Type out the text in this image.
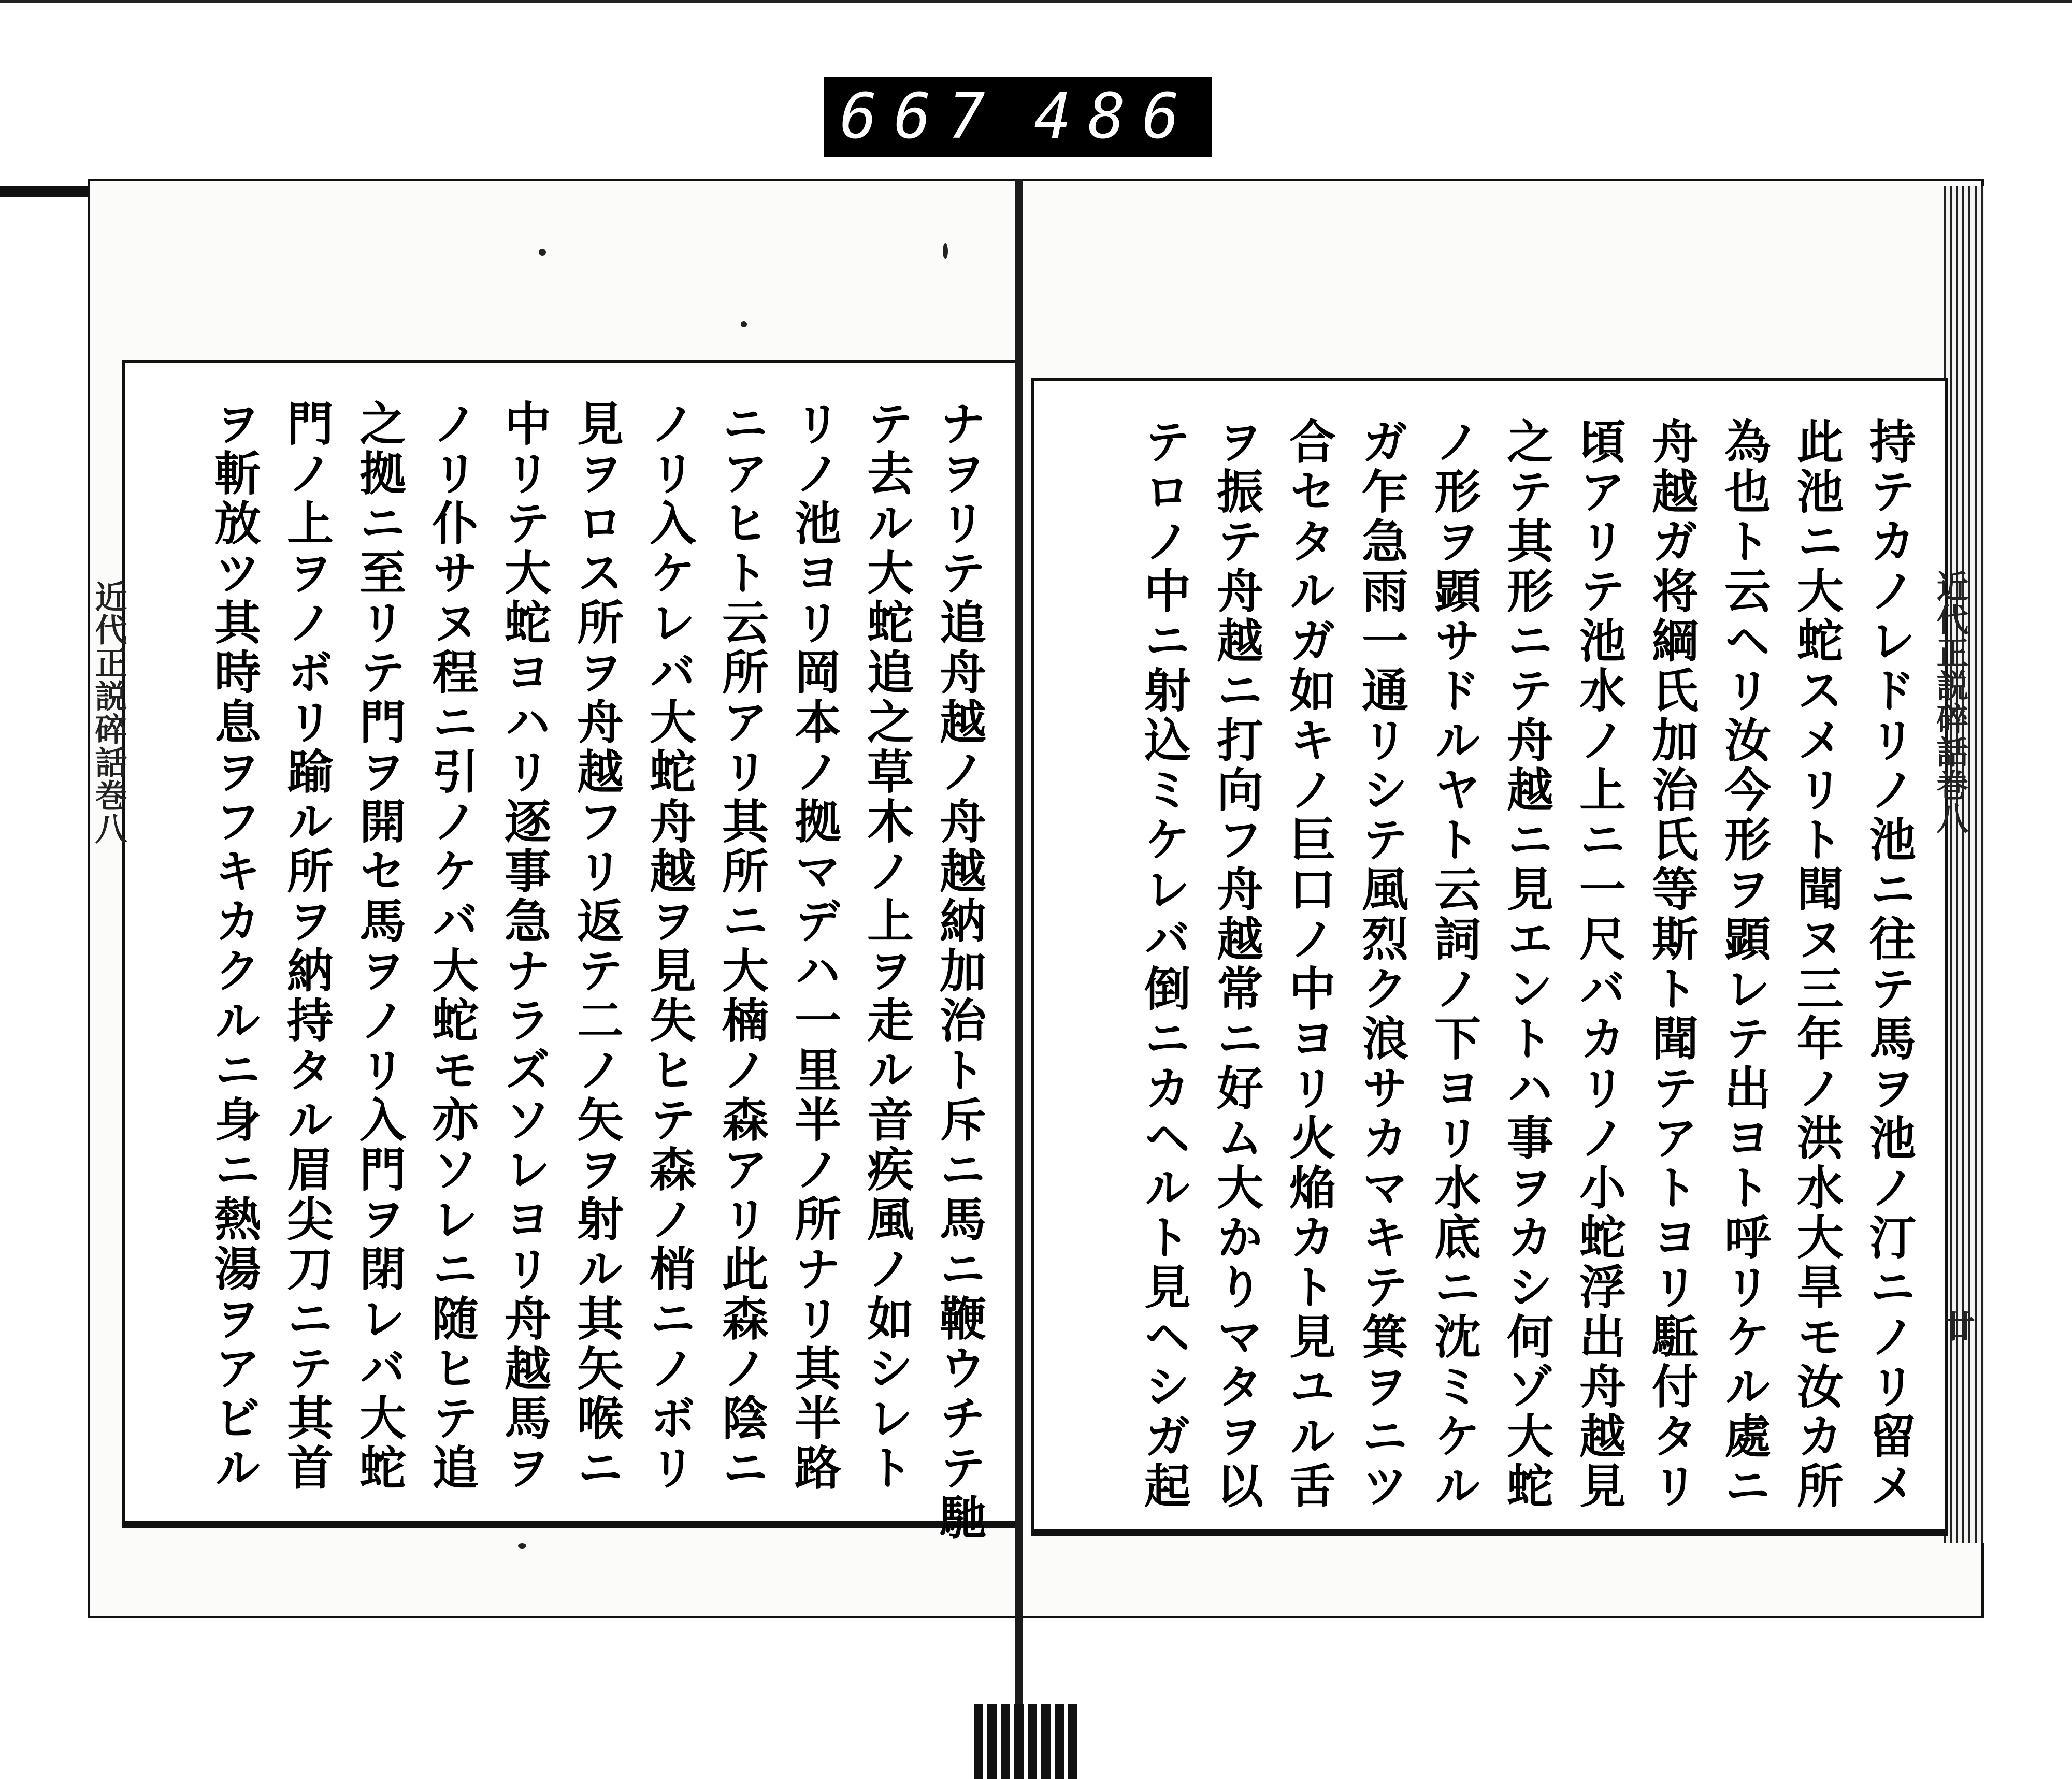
667 486
ナヲリテ追舟越ノ舟越納加治ト斥ニ馬ニ鞭ウチテ馳
テ去ル大蛇追之草木ノ上ヲ走ル音疾風ノ如シレト
リノ池ヨリ岡本ノ拠マデハ一里半ノ所ナリ其半路
ニアヒト云所アリ其所ニ大楠ノ森アリ此森ノ陰ニ
ノリ入ケレバ大蛇舟越ヲ見失ヒテ森ノ梢ニノボリ
見ヲロス所ヲ舟越フリ返テ二ノ矢ヲ射ル其矢喉ニ
中リテ大蛇ヨハリ逐事急ナラズソレヨリ舟越馬ヲ
ノリ仆サヌ程ニ引ノケバ大蛇モ亦ソレニ随ヒテ追
之拠ニ至リテ門ヲ開セ馬ヲノリ入門ヲ閉レバ大蛇
門ノ上ヲノボリ踰ル所ヲ納持タル眉尖刀ニテ其首
ヲ斬放ツ其時息ヲフキカクルニ身ニ熱湯ヲアビル	持テカノレドリノ池ニ往テ馬ヲ池ノ汀ニノリ留メ
此池ニ大蛇スメリト聞ヌ三年ノ洪水大旱モ汝カ所
為也ト云ヘリ汝今形ヲ顕レテ出ヨト呼リケル處ニ
舟越ガ将綱氏加治氏等斯ト聞テアトヨリ駈付タリ
頃アリテ池水ノ上ニ一尺バカリノ小蛇浮出舟越見
之テ其形ニテ舟越ニ見エントハ事ヲカシ何ゾ大蛇
ノ形ヲ顕サドルヤト云詞ノ下ヨリ水底ニ沈ミケル
ガ乍急雨一通リシテ風烈ク浪サカマキテ箕ヲニツ
合セタルガ如キノ巨口ノ中ヨリ火焔カト見ユル舌
ヲ振テ舟越ニ打向フ舟越常ニ好ム大かりマタヲ以
テロノ中ニ射込ミケレバ倒ニカヘルト見ヘシガ起
近代正説碎話巻八	近代正説碎話巻八
廿
